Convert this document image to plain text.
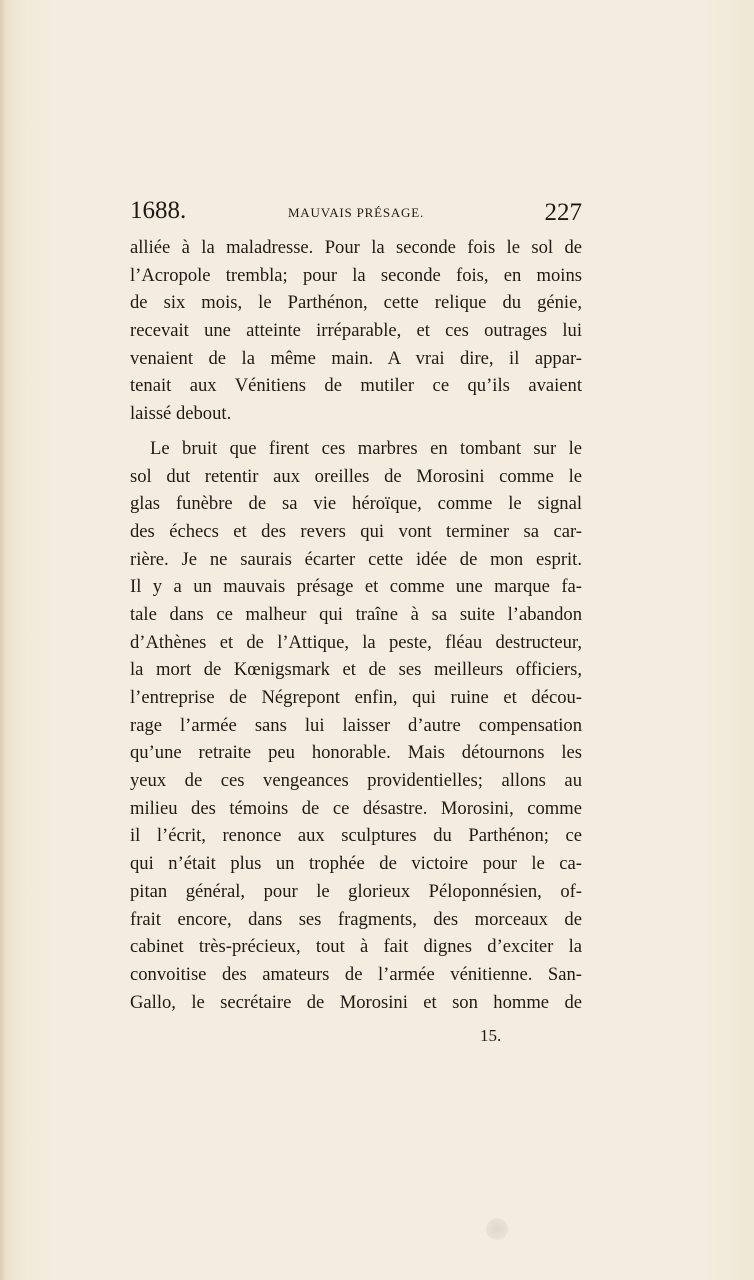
1688.	MAUVAIS PRÉSAGE.	227
alliée à la maladresse. Pour la seconde fois le sol de
l’Acropole trembla; pour la seconde fois, en moins
de six mois, le Parthénon, cette relique du génie,
recevait une atteinte irréparable, et ces outrages lui
venaient de la même main. A vrai dire, il appar-
tenait aux Vénitiens de mutiler ce qu’ils avaient
laissé debout.
Le bruit que firent ces marbres en tombant sur le
sol dut retentir aux oreilles de Morosini comme le
glas funèbre de sa vie héroïque, comme le signal
des échecs et des revers qui vont terminer sa car-
rière. Je ne saurais écarter cette idée de mon esprit.
Il y a un mauvais présage et comme une marque fa-
tale dans ce malheur qui traîne à sa suite l’abandon
d’Athènes et de l’Attique, la peste, fléau destructeur,
la mort de Kœnigsmark et de ses meilleurs officiers,
l’entreprise de Négrepont enfin, qui ruine et décou-
rage l’armée sans lui laisser d’autre compensation
qu’une retraite peu honorable. Mais détournons les
yeux de ces vengeances providentielles; allons au
milieu des témoins de ce désastre. Morosini, comme
il l’écrit, renonce aux sculptures du Parthénon; ce
qui n’était plus un trophée de victoire pour le ca-
pitan général, pour le glorieux Péloponnésien, of-
frait encore, dans ses fragments, des morceaux de
cabinet très-précieux, tout à fait dignes d’exciter la
convoitise des amateurs de l’armée vénitienne. San-
Gallo, le secrétaire de Morosini et son homme de
15.
